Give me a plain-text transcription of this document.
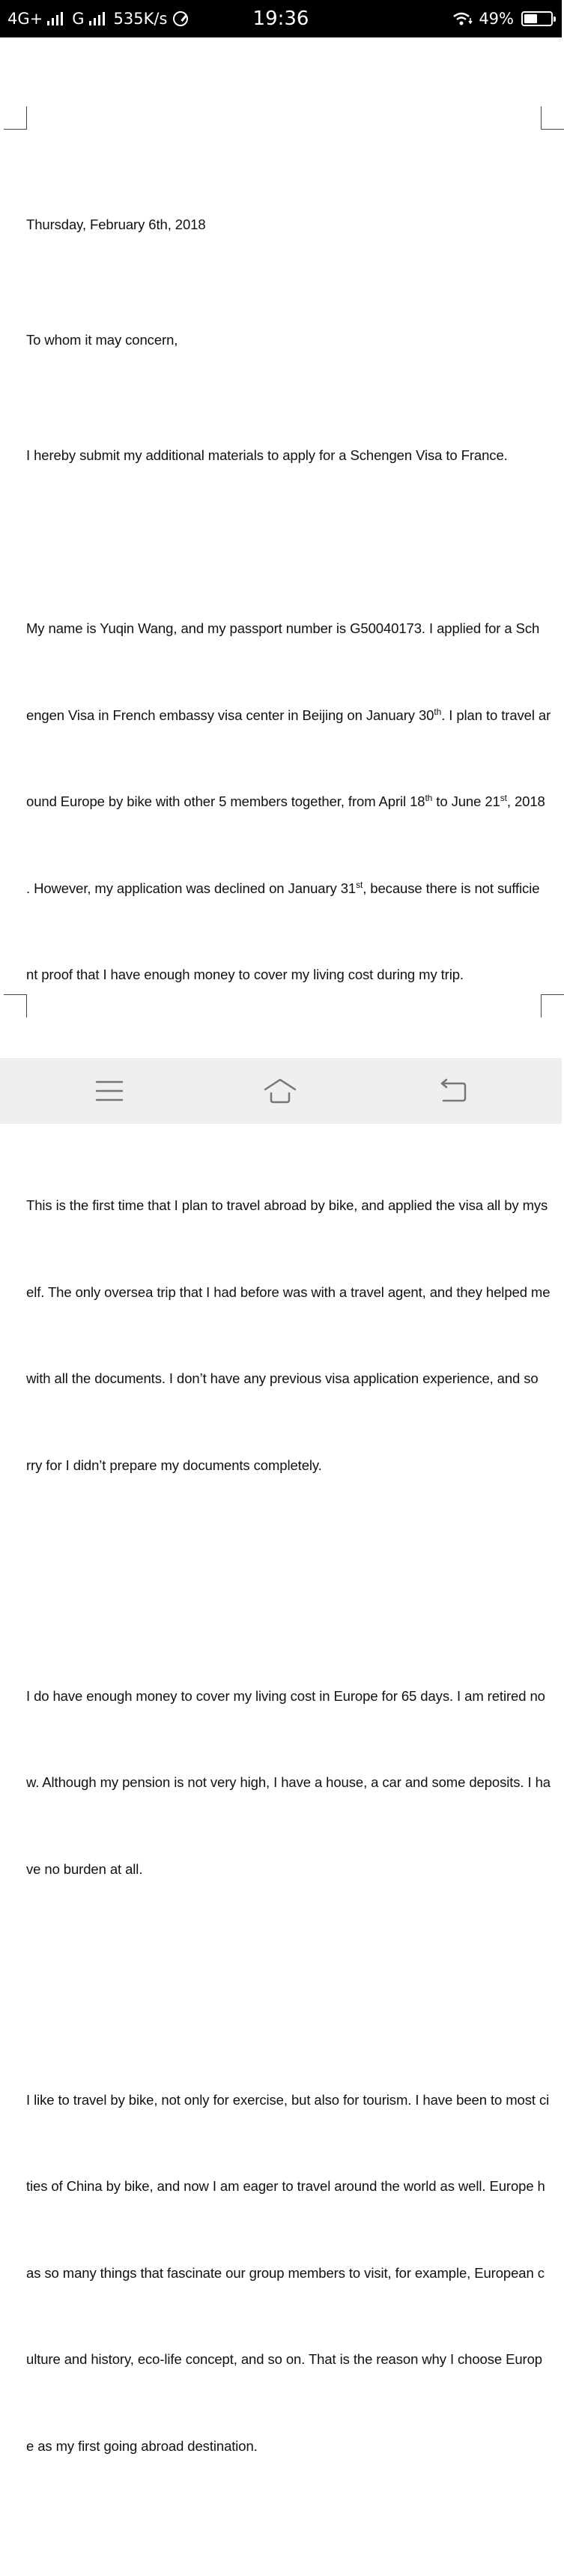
4G+ G 535K/s	19:36	49%

Thursday, February 6th, 2018

To whom it may concern,

I hereby submit my additional materials to apply for a Schengen Visa to France.

My name is Yuqin Wang, and my passport number is G50040173. I applied for a Sch

engen Visa in French embassy visa center in Beijing on January 30th. I plan to travel ar

ound Europe by bike with other 5 members together, from April 18th to June 21st, 2018

. However, my application was declined on January 31st, because there is not sufficie

nt proof that I have enough money to cover my living cost during my trip.

This is the first time that I plan to travel abroad by bike, and applied the visa all by mys

elf. The only oversea trip that I had before was with a travel agent, and they helped me

with all the documents. I don’t have any previous visa application experience, and so

rry for I didn’t prepare my documents completely.

I do have enough money to cover my living cost in Europe for 65 days. I am retired no

w. Although my pension is not very high, I have a house, a car and some deposits. I ha

ve no burden at all.

I like to travel by bike, not only for exercise, but also for tourism. I have been to most ci

ties of China by bike, and now I am eager to travel around the world as well. Europe h

as so many things that fascinate our group members to visit, for example, European c

ulture and history, eco-life concept, and so on. That is the reason why I choose Europ

e as my first going abroad destination.
